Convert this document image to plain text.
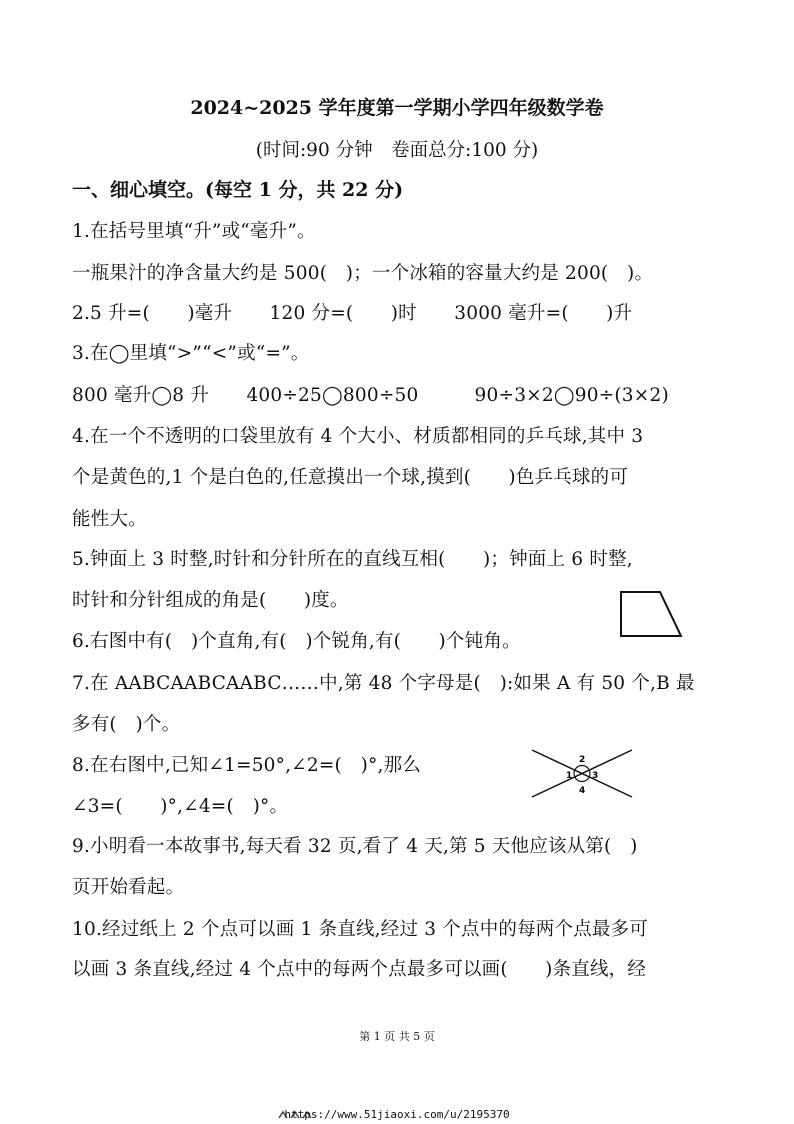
2024~2025 学年度第一学期小学四年级数学卷
(时间:90 分钟　卷面总分:100 分)
一、细心填空。(每空 1 分，共 22 分)
1.在括号里填“升”或“毫升”。
一瓶果汁的净含量大约是 500(　)；一个冰箱的容量大约是 200(　)。
2.5 升=(　　)毫升　　120 分=(　　)时　　3000 毫升=(　　)升
3.在◯里填“>”“<”或“=”。
800 毫升◯8 升　　400÷25◯800÷50　　　90÷3×2◯90÷(3×2)
4.在一个不透明的口袋里放有 4 个大小、材质都相同的乒乓球,其中 3
个是黄色的,1 个是白色的,任意摸出一个球,摸到(　　)色乒乓球的可
能性大。
5.钟面上 3 时整,时针和分针所在的直线互相(　　)；钟面上 6 时整,
时针和分针组成的角是(　　)度。
6.右图中有(　)个直角,有(　)个锐角,有(　　)个钝角。
7.在 AABCAABCAABC……中,第 48 个字母是(　):如果 A 有 50 个,B 最
多有(　)个。
8.在右图中,已知∠1=50°,∠2=(　)°,那么
∠3=(　　)°,∠4=(　)°。
9.小明看一本故事书,每天看 32 页,看了 4 天,第 5 天他应该从第(　)
页开始看起。
10.经过纸上 2 个点可以画 1 条直线,经过 3 个点中的每两个点最多可
以画 3 条直线,经过 4 个点中的每两个点最多可以画(　　)条直线，经
1
2
3
4
第 1 页 共 5 页
https://www.51jiaoxi.com/u/2195370
